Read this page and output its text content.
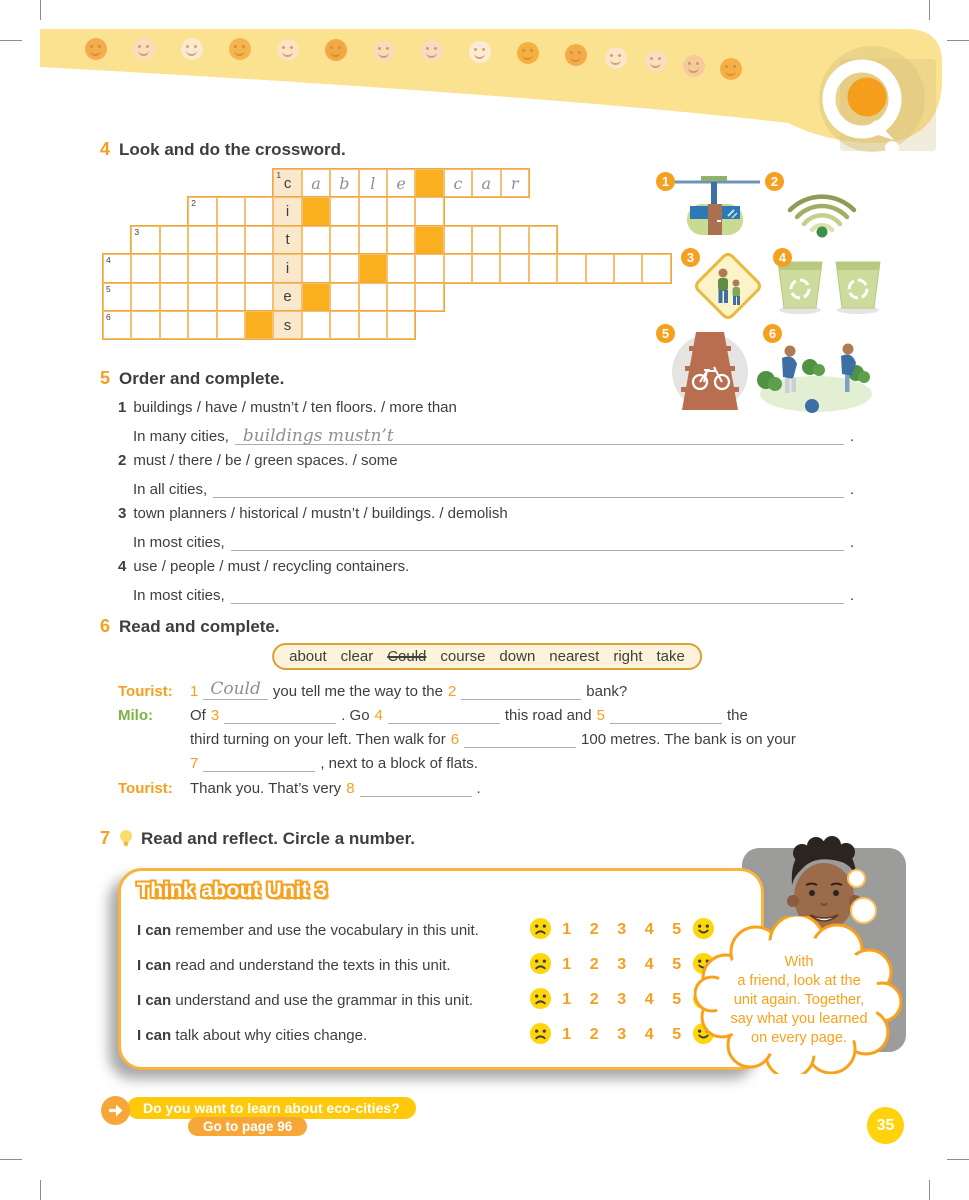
4 Look and do the crossword.
1 c a b l e	c a r
2	i
3	t
4	i
5	e
6	s
1	2
3	4
5	6
5 Order and complete.
1 buildings / have / mustn’t / ten floors. / more than
In many cities, buildings mustn’t	.
2 must / there / be / green spaces. / some
In all cities,	.
3 town planners / historical / mustn’t / buildings. / demolish
In most cities,	.
4 use / people / must / recycling containers.
In most cities,	.
6 Read and complete.
about clear Could course down nearest right take
Tourist:	1 Could you tell me the way to the 2	bank?
Milo:	Of 3	. Go 4	this road and 5	the
third turning on your left. Then walk for 6	100 metres. The bank is on your
7	, next to a block of flats.
Tourist:	Thank you. That’s very 8	.
7 Read and reflect. Circle a number.
Think about Unit 3
I can remember and use the vocabulary in this unit.	1	2	3	4	5
I can read and understand the texts in this unit.	1	2	3	4	5
I can understand and use the grammar in this unit.	1	2	3	4	5
I can talk about why cities change.	1	2	3	4	5
With
a friend, look at the
unit again. Together,
say what you learned
on every page.
Do you want to learn about eco-cities?
Go to page 96	35
